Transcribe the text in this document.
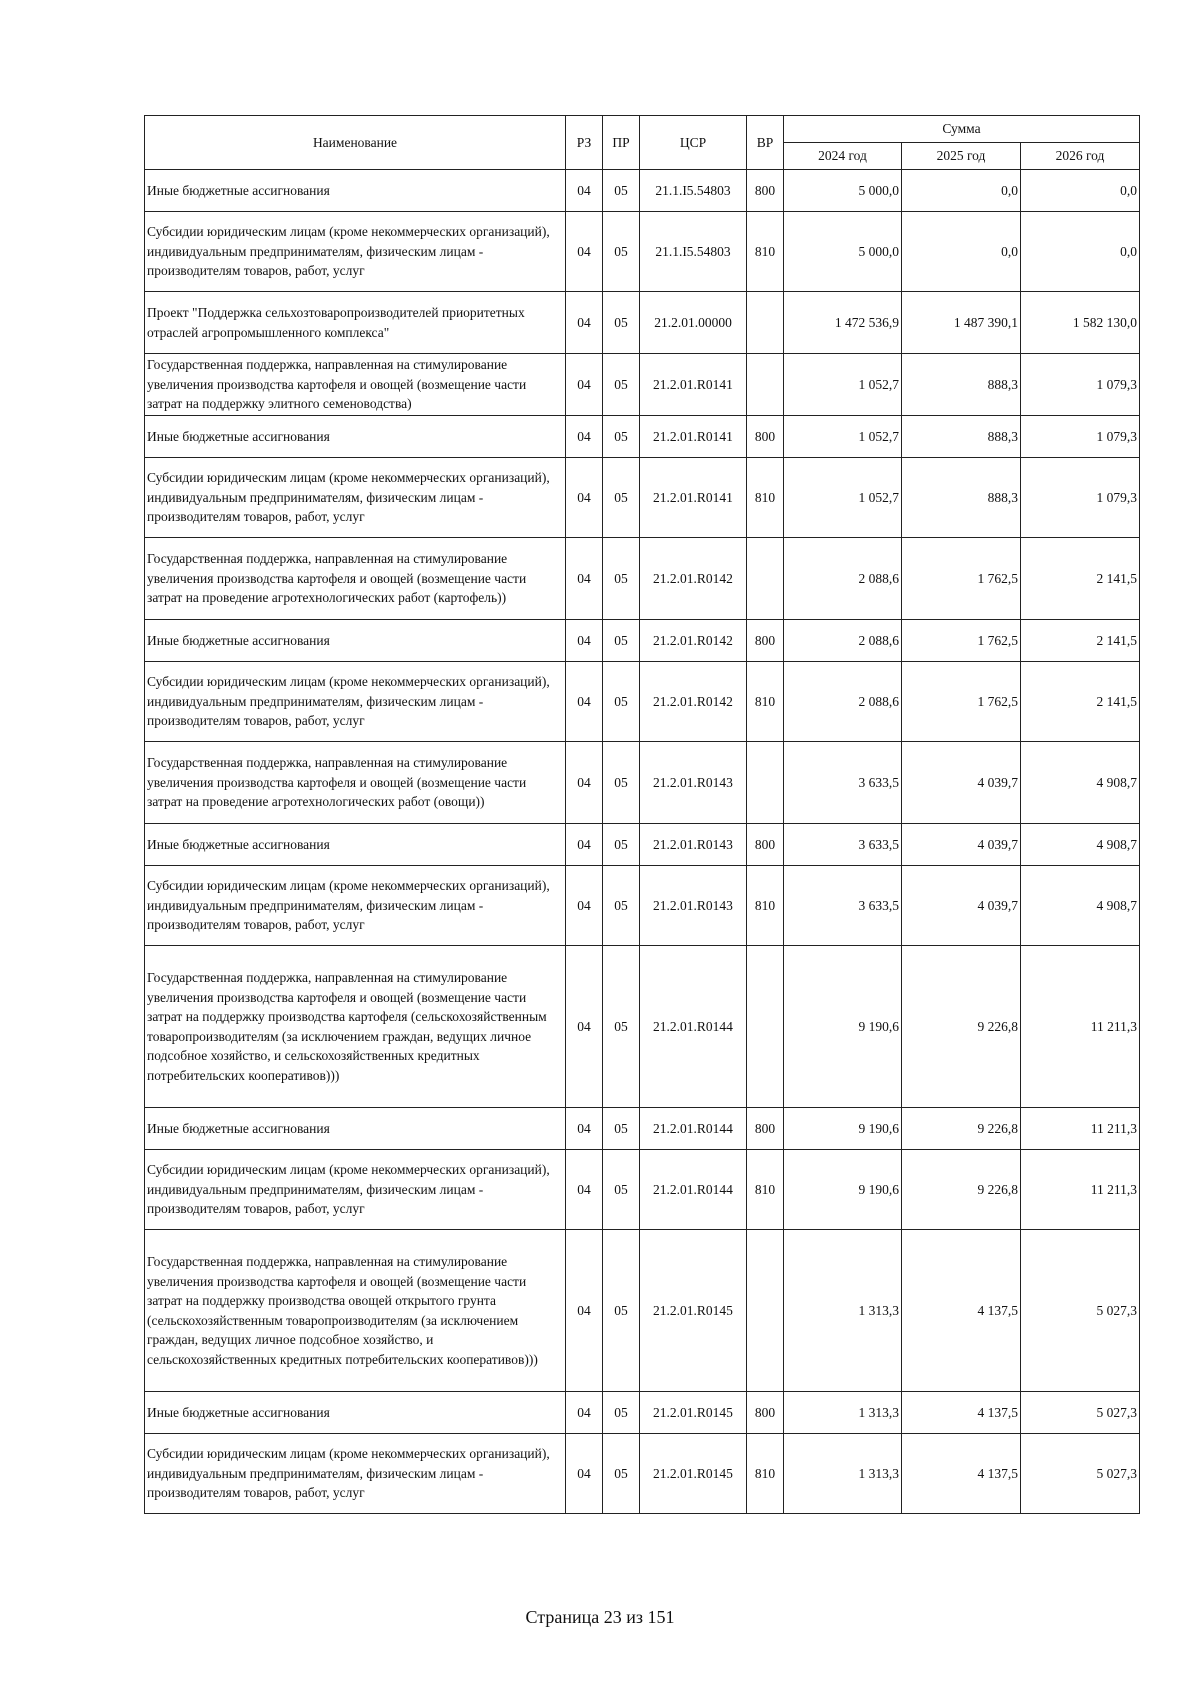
Наименование	РЗ	ПР	ЦСР	ВР	Сумма		
					2024 год	2025 год	2026 год
Иные бюджетные ассигнования	04	05	21.1.I5.54803	800	5 000,0	0,0	0,0
Субсидии юридическим лицам (кроме некоммерческих организаций), индивидуальным предпринимателям, физическим лицам - производителям товаров, работ, услуг	04	05	21.1.I5.54803	810	5 000,0	0,0	0,0
Проект "Поддержка сельхозтоваропроизводителей приоритетных отраслей агропромышленного комплекса"	04	05	21.2.01.00000		1 472 536,9	1 487 390,1	1 582 130,0
Государственная поддержка, направленная на стимулирование увеличения производства картофеля и овощей (возмещение части затрат на поддержку элитного семеноводства)	04	05	21.2.01.R0141		1 052,7	888,3	1 079,3
Иные бюджетные ассигнования	04	05	21.2.01.R0141	800	1 052,7	888,3	1 079,3
Субсидии юридическим лицам (кроме некоммерческих организаций), индивидуальным предпринимателям, физическим лицам - производителям товаров, работ, услуг	04	05	21.2.01.R0141	810	1 052,7	888,3	1 079,3
Государственная поддержка, направленная на стимулирование увеличения производства картофеля и овощей (возмещение части затрат на проведение агротехнологических работ (картофель))	04	05	21.2.01.R0142		2 088,6	1 762,5	2 141,5
Иные бюджетные ассигнования	04	05	21.2.01.R0142	800	2 088,6	1 762,5	2 141,5
Субсидии юридическим лицам (кроме некоммерческих организаций), индивидуальным предпринимателям, физическим лицам - производителям товаров, работ, услуг	04	05	21.2.01.R0142	810	2 088,6	1 762,5	2 141,5
Государственная поддержка, направленная на стимулирование увеличения производства картофеля и овощей (возмещение части затрат на проведение агротехнологических работ (овощи))	04	05	21.2.01.R0143		3 633,5	4 039,7	4 908,7
Иные бюджетные ассигнования	04	05	21.2.01.R0143	800	3 633,5	4 039,7	4 908,7
Субсидии юридическим лицам (кроме некоммерческих организаций), индивидуальным предпринимателям, физическим лицам - производителям товаров, работ, услуг	04	05	21.2.01.R0143	810	3 633,5	4 039,7	4 908,7
Государственная поддержка, направленная на стимулирование увеличения производства картофеля и овощей (возмещение части затрат на поддержку производства картофеля (сельскохозяйственным товаропроизводителям (за исключением граждан, ведущих личное подсобное хозяйство, и сельскохозяйственных кредитных потребительских кооперативов)))	04	05	21.2.01.R0144		9 190,6	9 226,8	11 211,3
Иные бюджетные ассигнования	04	05	21.2.01.R0144	800	9 190,6	9 226,8	11 211,3
Субсидии юридическим лицам (кроме некоммерческих организаций), индивидуальным предпринимателям, физическим лицам - производителям товаров, работ, услуг	04	05	21.2.01.R0144	810	9 190,6	9 226,8	11 211,3
Государственная поддержка, направленная на стимулирование увеличения производства картофеля и овощей (возмещение части затрат на поддержку производства овощей открытого грунта (сельскохозяйственным товаропроизводителям (за исключением граждан, ведущих личное подсобное хозяйство, и сельскохозяйственных кредитных потребительских кооперативов)))	04	05	21.2.01.R0145		1 313,3	4 137,5	5 027,3
Иные бюджетные ассигнования	04	05	21.2.01.R0145	800	1 313,3	4 137,5	5 027,3
Субсидии юридическим лицам (кроме некоммерческих организаций), индивидуальным предпринимателям, физическим лицам - производителям товаров, работ, услуг	04	05	21.2.01.R0145	810	1 313,3	4 137,5	5 027,3
Страница 23 из 151
